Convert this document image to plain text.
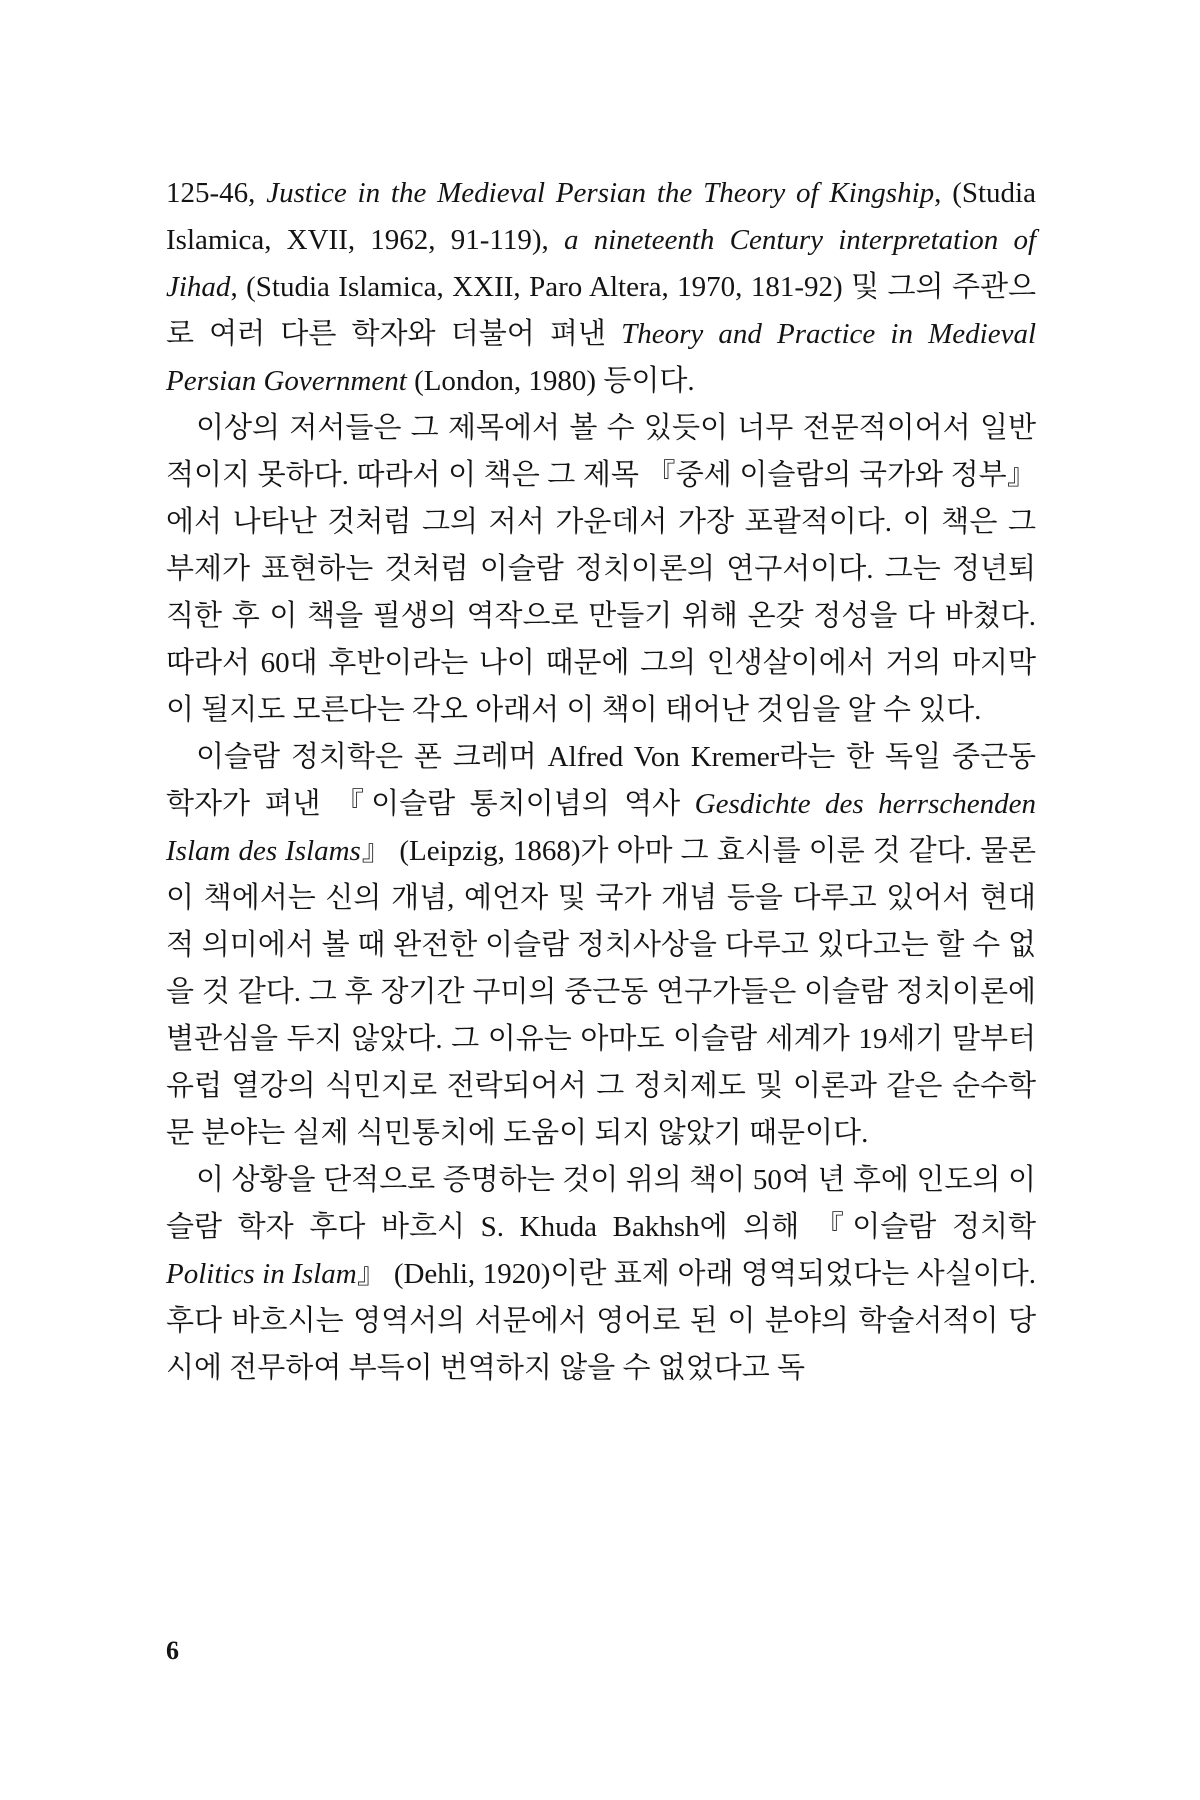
125-46, Justice in the Medieval Persian the Theory of Kingship, (Studia Islamica, XVII, 1962, 91-119), a nineteenth Century interpretation of Jihad, (Studia Islamica, XXII, Paro Altera, 1970, 181-92) 및 그의 주관으로 여러 다른 학자와 더불어 펴낸 Theory and Practice in Medieval Persian Government (London, 1980) 등이다.

이상의 저서들은 그 제목에서 볼 수 있듯이 너무 전문적이어서 일반적이지 못하다. 따라서 이 책은 그 제목 『중세 이슬람의 국가와 정부』에서 나타난 것처럼 그의 저서 가운데서 가장 포괄적이다. 이 책은 그 부제가 표현하는 것처럼 이슬람 정치이론의 연구서이다. 그는 정년퇴직한 후 이 책을 필생의 역작으로 만들기 위해 온갖 정성을 다 바쳤다. 따라서 60대 후반이라는 나이 때문에 그의 인생살이에서 거의 마지막이 될지도 모른다는 각오 아래서 이 책이 태어난 것임을 알 수 있다.

이슬람 정치학은 폰 크레머 Alfred Von Kremer라는 한 독일 중근동 학자가 펴낸 『이슬람 통치이념의 역사 Gesdichte des herrschenden Islam des Islams』 (Leipzig, 1868)가 아마 그 효시를 이룬 것 같다. 물론 이 책에서는 신의 개념, 예언자 및 국가 개념 등을 다루고 있어서 현대적 의미에서 볼 때 완전한 이슬람 정치사상을 다루고 있다고는 할 수 없을 것 같다. 그 후 장기간 구미의 중근동 연구가들은 이슬람 정치이론에 별관심을 두지 않았다. 그 이유는 아마도 이슬람 세계가 19세기 말부터 유럽 열강의 식민지로 전락되어서 그 정치제도 및 이론과 같은 순수학문 분야는 실제 식민통치에 도움이 되지 않았기 때문이다.

이 상황을 단적으로 증명하는 것이 위의 책이 50여 년 후에 인도의 이슬람 학자 후다 바흐시 S. Khuda Bakhsh에 의해 『이슬람 정치학 Politics in Islam』 (Dehli, 1920)이란 표제 아래 영역되었다는 사실이다. 후다 바흐시는 영역서의 서문에서 영어로 된 이 분야의 학술서적이 당시에 전무하여 부득이 번역하지 않을 수 없었다고 독

6
